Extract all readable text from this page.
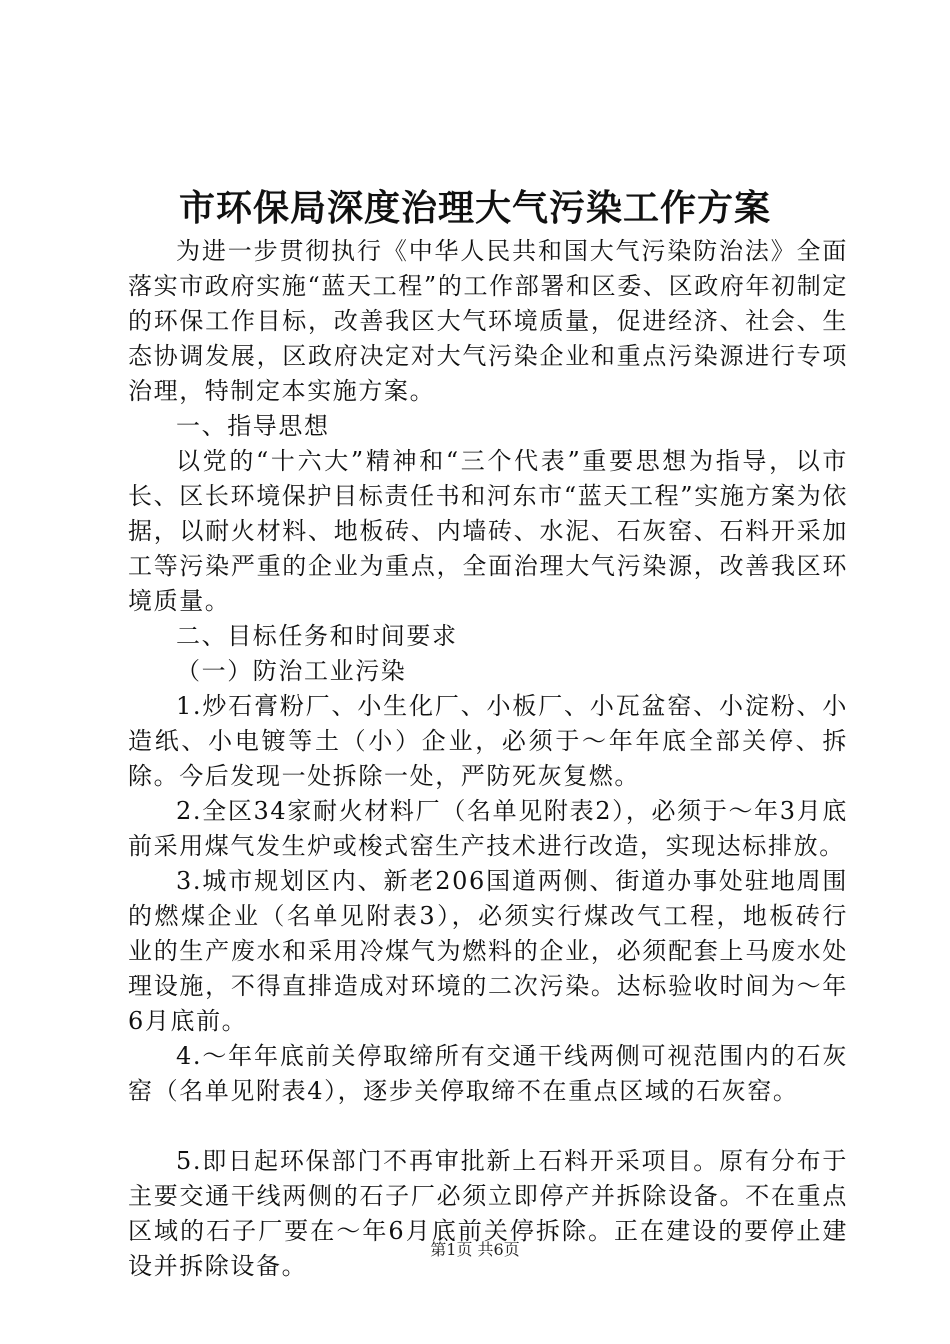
市环保局深度治理大气污染工作方案

为进一步贯彻执行《中华人民共和国大气污染防治法》全面落实市政府实施“蓝天工程”的工作部署和区委、区政府年初制定的环保工作目标，改善我区大气环境质量，促进经济、社会、生态协调发展，区政府决定对大气污染企业和重点污染源进行专项治理，特制定本实施方案。

一、指导思想

以党的“十六大”精神和“三个代表”重要思想为指导，以市长、区长环境保护目标责任书和河东市“蓝天工程”实施方案为依据，以耐火材料、地板砖、内墙砖、水泥、石灰窑、石料开采加工等污染严重的企业为重点，全面治理大气污染源，改善我区环境质量。

二、目标任务和时间要求

（一）防治工业污染

1.炒石膏粉厂、小生化厂、小板厂、小瓦盆窑、小淀粉、小造纸、小电镀等土（小）企业，必须于～年年底全部关停、拆除。今后发现一处拆除一处，严防死灰复燃。

2.全区34家耐火材料厂（名单见附表2），必须于～年3月底前采用煤气发生炉或梭式窑生产技术进行改造，实现达标排放。

3.城市规划区内、新老206国道两侧、街道办事处驻地周围的燃煤企业（名单见附表3），必须实行煤改气工程，地板砖行业的生产废水和采用冷煤气为燃料的企业，必须配套上马废水处理设施，不得直排造成对环境的二次污染。达标验收时间为～年6月底前。

4.～年年底前关停取缔所有交通干线两侧可视范围内的石灰窑（名单见附表4），逐步关停取缔不在重点区域的石灰窑。

5.即日起环保部门不再审批新上石料开采项目。原有分布于主要交通干线两侧的石子厂必须立即停产并拆除设备。不在重点区域的石子厂要在～年6月底前关停拆除。正在建设的要停止建设并拆除设备。

第1页 共6页
